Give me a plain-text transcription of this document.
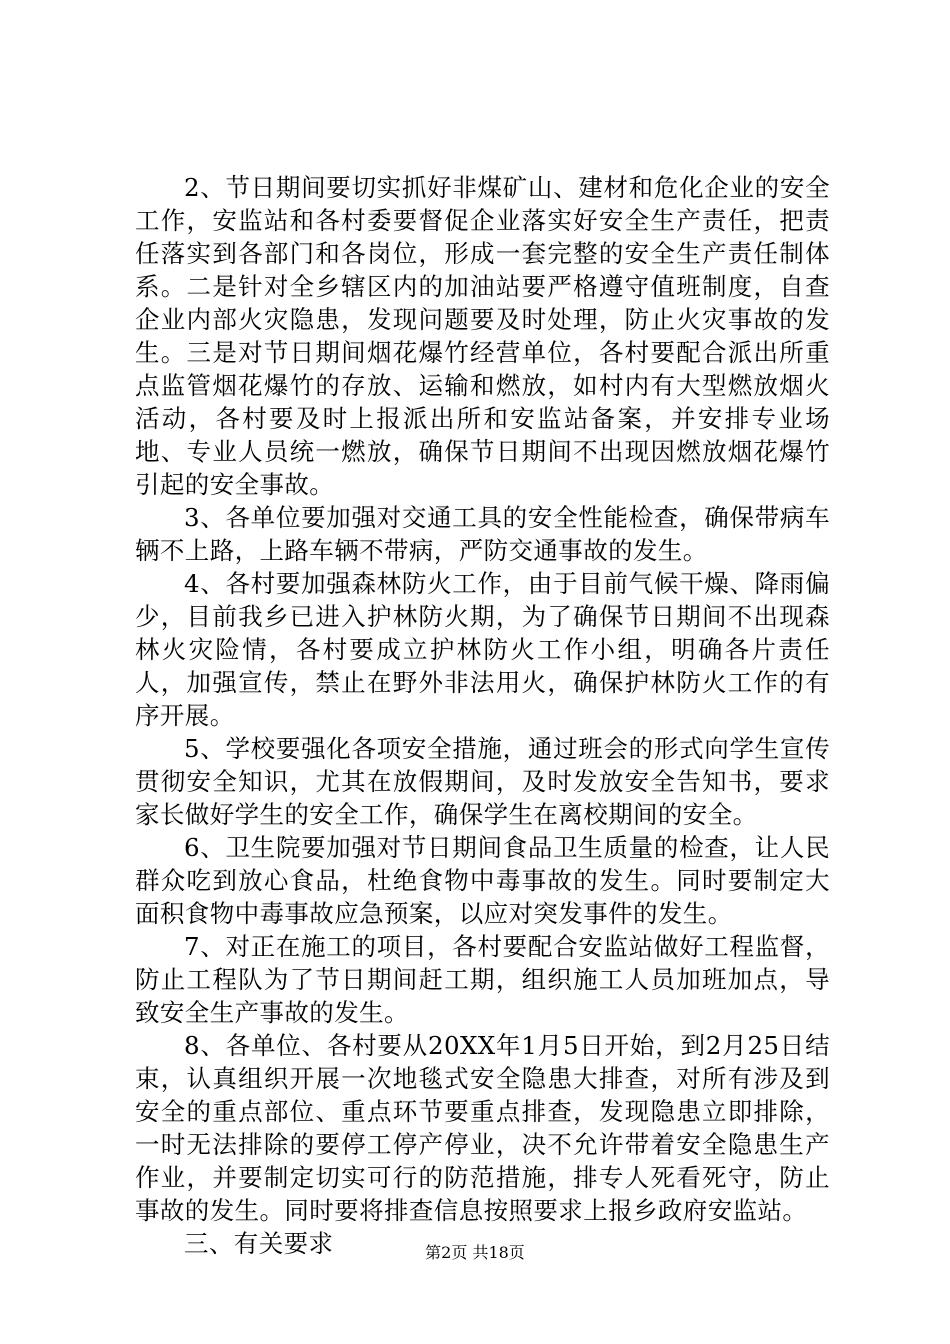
2、节日期间要切实抓好非煤矿山、建材和危化企业的安全工作，安监站和各村委要督促企业落实好安全生产责任，把责任落实到各部门和各岗位，形成一套完整的安全生产责任制体系。二是针对全乡辖区内的加油站要严格遵守值班制度，自查企业内部火灾隐患，发现问题要及时处理，防止火灾事故的发生。三是对节日期间烟花爆竹经营单位，各村要配合派出所重点监管烟花爆竹的存放、运输和燃放，如村内有大型燃放烟火活动，各村要及时上报派出所和安监站备案，并安排专业场地、专业人员统一燃放，确保节日期间不出现因燃放烟花爆竹引起的安全事故。

3、各单位要加强对交通工具的安全性能检查，确保带病车辆不上路，上路车辆不带病，严防交通事故的发生。

4、各村要加强森林防火工作，由于目前气候干燥、降雨偏少，目前我乡已进入护林防火期，为了确保节日期间不出现森林火灾险情，各村要成立护林防火工作小组，明确各片责任人，加强宣传，禁止在野外非法用火，确保护林防火工作的有序开展。

5、学校要强化各项安全措施，通过班会的形式向学生宣传贯彻安全知识，尤其在放假期间，及时发放安全告知书，要求家长做好学生的安全工作，确保学生在离校期间的安全。

6、卫生院要加强对节日期间食品卫生质量的检查，让人民群众吃到放心食品，杜绝食物中毒事故的发生。同时要制定大面积食物中毒事故应急预案，以应对突发事件的发生。

7、对正在施工的项目，各村要配合安监站做好工程监督，防止工程队为了节日期间赶工期，组织施工人员加班加点，导致安全生产事故的发生。

8、各单位、各村要从20XX年1月5日开始，到2月25日结束，认真组织开展一次地毯式安全隐患大排查，对所有涉及到安全的重点部位、重点环节要重点排查，发现隐患立即排除，一时无法排除的要停工停产停业，决不允许带着安全隐患生产作业，并要制定切实可行的防范措施，排专人死看死守，防止事故的发生。同时要将排查信息按照要求上报乡政府安监站。

三、有关要求	第2页 共18页
